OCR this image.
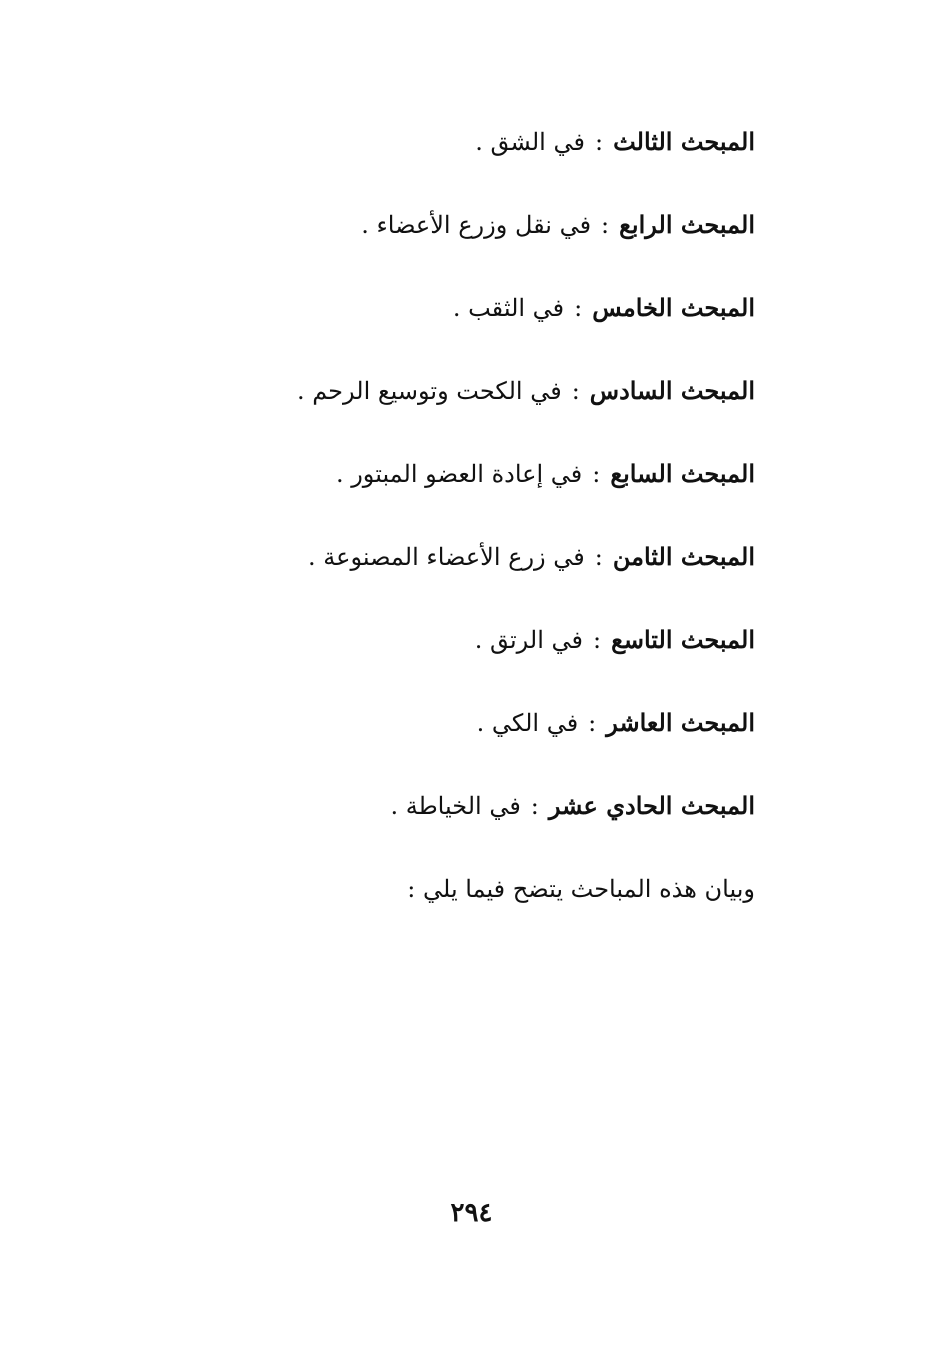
المبحث الثالث:في الشق .
المبحث الرابع:في نقل وزرع الأعضاء .
المبحث الخامس:في الثقب .
المبحث السادس:في الكحت وتوسيع الرحم .
المبحث السابع:في إعادة العضو المبتور .
المبحث الثامن:في زرع الأعضاء المصنوعة .
المبحث التاسع:في الرتق .
المبحث العاشر:في الكي .
المبحث الحادي عشر:في الخياطة .
وبيان هذه المباحث يتضح فيما يلي :
٢٩٤
